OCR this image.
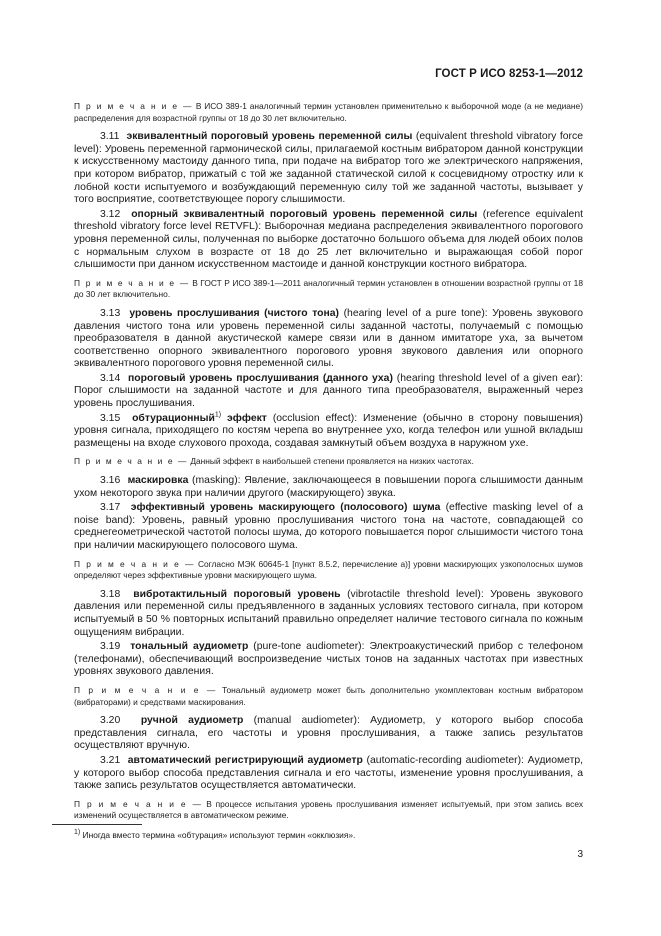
ГОСТ Р ИСО 8253-1—2012
П р и м е ч а н и е — В ИСО 389-1 аналогичный термин установлен применительно к выборочной моде (а не медиане) распределения для возрастной группы от 18 до 30 лет включительно.

3.11 эквивалентный пороговый уровень переменной силы (equivalent threshold vibratory force level): Уровень переменной гармонической силы, прилагаемой костным вибратором данной конструкции к искусственному мастоиду данного типа, при подаче на вибратор того же электрического напряжения, при котором вибратор, прижатый с той же заданной статической силой к сосцевидному отростку или к лобной кости испытуемого и возбуждающий переменную силу той же заданной частоты, вызывает у того восприятие, соответствующее порогу слышимости.

3.12 опорный эквивалентный пороговый уровень переменной силы (reference equivalent threshold vibratory force level RETVFL): Выборочная медиана распределения эквивалентного порогового уровня переменной силы, полученная по выборке достаточно большого объема для людей обоих полов с нормальным слухом в возрасте от 18 до 25 лет включительно и выражающая собой порог слышимости при данном искусственном мастоиде и данной конструкции костного вибратора.

П р и м е ч а н и е — В ГОСТ Р ИСО 389-1—2011 аналогичный термин установлен в отношении возрастной группы от 18 до 30 лет включительно.

3.13 уровень прослушивания (чистого тона) (hearing level of a pure tone): Уровень звукового давления чистого тона или уровень переменной силы заданной частоты, получаемый с помощью преобразователя в данной акустической камере связи или в данном имитаторе уха, за вычетом соответственно опорного эквивалентного порогового уровня звукового давления или опорного эквивалентного порогового уровня переменной силы.

3.14 пороговый уровень прослушивания (данного уха) (hearing threshold level of a given ear): Порог слышимости на заданной частоте и для данного типа преобразователя, выраженный через уровень прослушивания.

3.15 обтурационный$^{1)}$ эффект (occlusion effect): Изменение (обычно в сторону повышения) уровня сигнала, приходящего по костям черепа во внутреннее ухо, когда телефон или ушной вкладыш размещены на входе слухового прохода, создавая замкнутый объем воздуха в наружном ухе.

П р и м е ч а н и е — Данный эффект в наибольшей степени проявляется на низких частотах.

3.16 маскировка (masking): Явление, заключающееся в повышении порога слышимости данным ухом некоторого звука при наличии другого (маскирующего) звука.

3.17 эффективный уровень маскирующего (полосового) шума (effective masking level of a noise band): Уровень, равный уровню прослушивания чистого тона на частоте, совпадающей со среднегеометрической частотой полосы шума, до которого повышается порог слышимости чистого тона при наличии маскирующего полосового шума.

П р и м е ч а н и е — Согласно МЭК 60645-1 [пункт 8.5.2, перечисление а)] уровни маскирующих узкополосных шумов определяют через эффективные уровни маскирующего шума.

3.18 вибротактильный пороговый уровень (vibrotactile threshold level): Уровень звукового давления или переменной силы предъявленного в заданных условиях тестового сигнала, при котором испытуемый в 50 % повторных испытаний правильно определяет наличие тестового сигнала по кожным ощущениям вибрации.

3.19 тональный аудиометр (pure-tone audiometer): Электроакустический прибор с телефоном (телефонами), обеспечивающий воспроизведение чистых тонов на заданных частотах при известных уровнях звукового давления.

П р и м е ч а н и е — Тональный аудиометр может быть дополнительно укомплектован костным вибратором (вибраторами) и средствами маскирования.

3.20 ручной аудиометр (manual audiometer): Аудиометр, у которого выбор способа представления сигнала, его частоты и уровня прослушивания, а также запись результатов осуществляют вручную.

3.21 автоматический регистрирующий аудиометр (automatic-recording audiometer): Аудиометр, у которого выбор способа представления сигнала и его частоты, изменение уровня прослушивания, а также запись результатов осуществляется автоматически.

П р и м е ч а н и е — В процессе испытания уровень прослушивания изменяет испытуемый, при этом запись всех изменений осуществляется в автоматическом режиме.
$^{1)}$ Иногда вместо термина «обтурация» используют термин «окклюзия».
3
